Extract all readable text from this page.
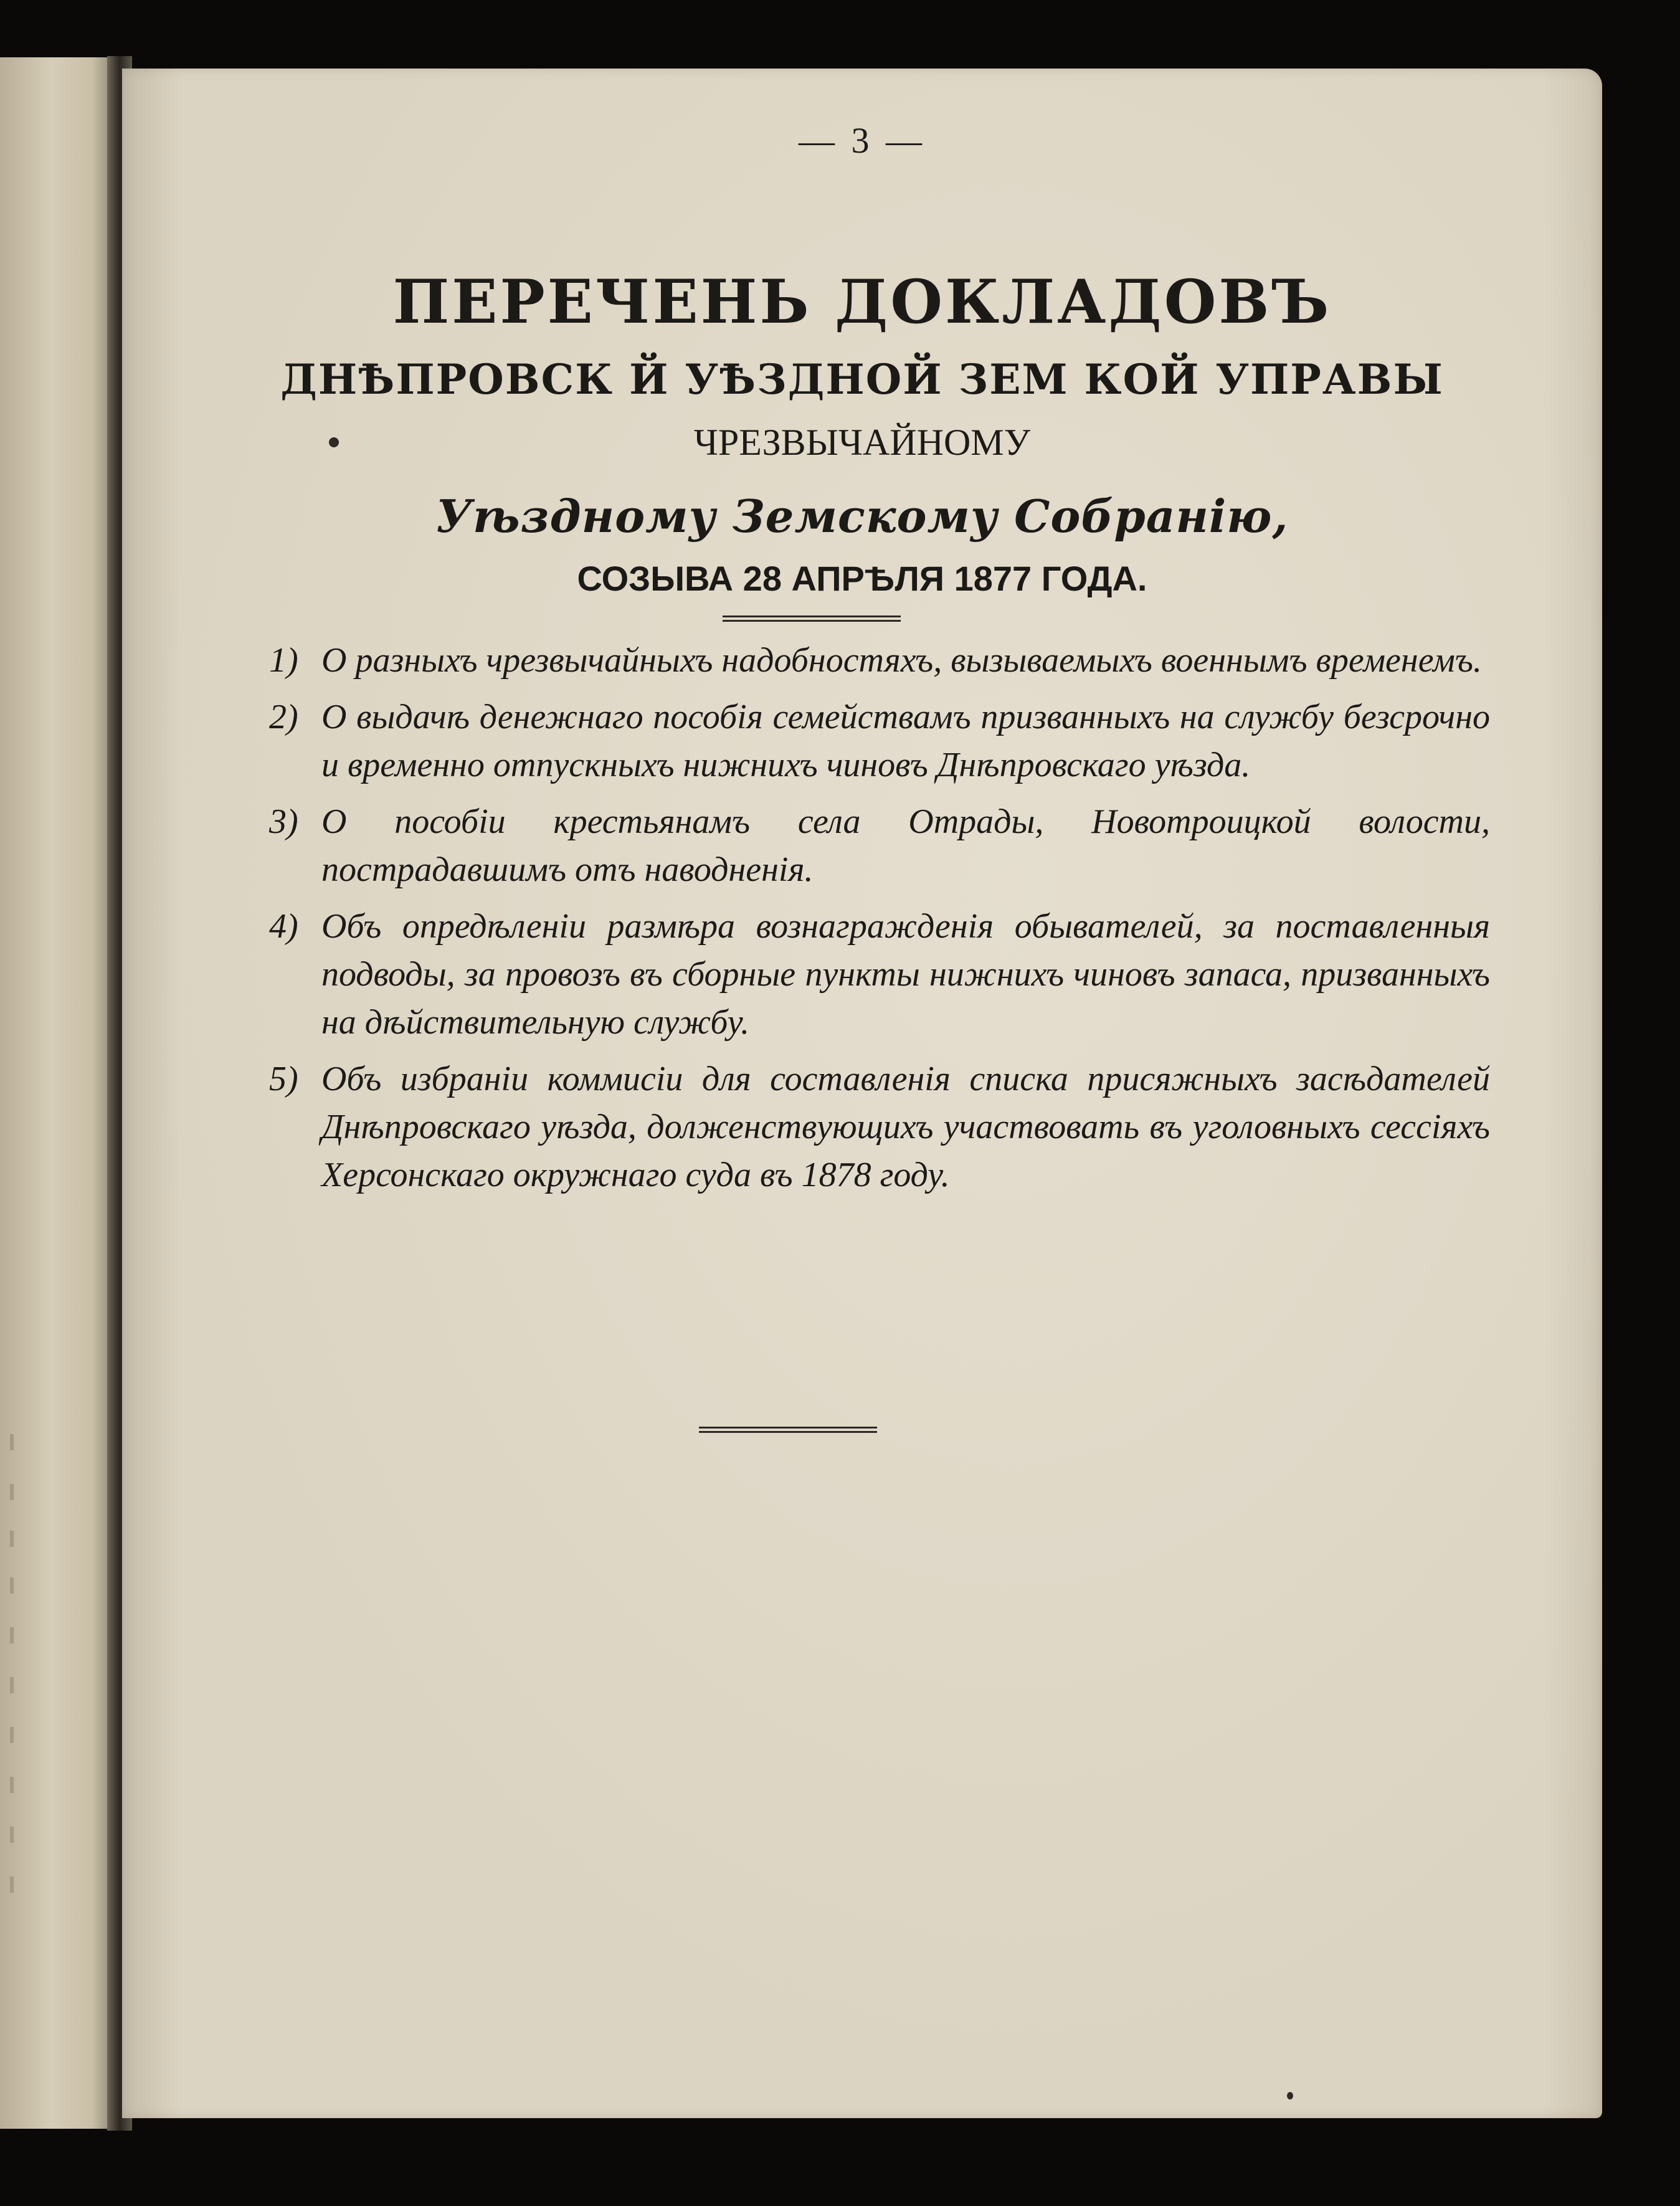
— 3 —
ПЕРЕЧЕНЬ ДОКЛАДОВЪ
ДНѢПРОВСК Й УѢЗДНОЙ ЗЕМ КОЙ УПРАВЫ
ЧРЕЗВЫЧАЙНОМУ
Уѣздному Земскому Собранію,
СОЗЫВА 28 АПРѢЛЯ 1877 ГОДА.
1) О разныхъ чрезвычайныхъ надобностяхъ, вызываемыхъ военнымъ временемъ.
2) О выдачѣ денежнаго пособія семействамъ призванныхъ на службу безсрочно и временно отпускныхъ нижнихъ чиновъ Днѣпровскаго уѣзда.
3) О пособіи крестьянамъ села Отрады, Новотроицкой волости, пострадавшимъ отъ наводненія.
4) Объ опредѣленіи размѣра вознагражденія обывателей, за поставленныя подводы, за провозъ въ сборные пункты нижнихъ чиновъ запаса, призванныхъ на дѣйствительную службу.
5) Объ избраніи коммисіи для составленія списка присяжныхъ засѣдателей Днѣпровскаго уѣзда, долженствующихъ участвовать въ уголовныхъ сессіяхъ Херсонскаго окружнаго суда въ 1878 году.
